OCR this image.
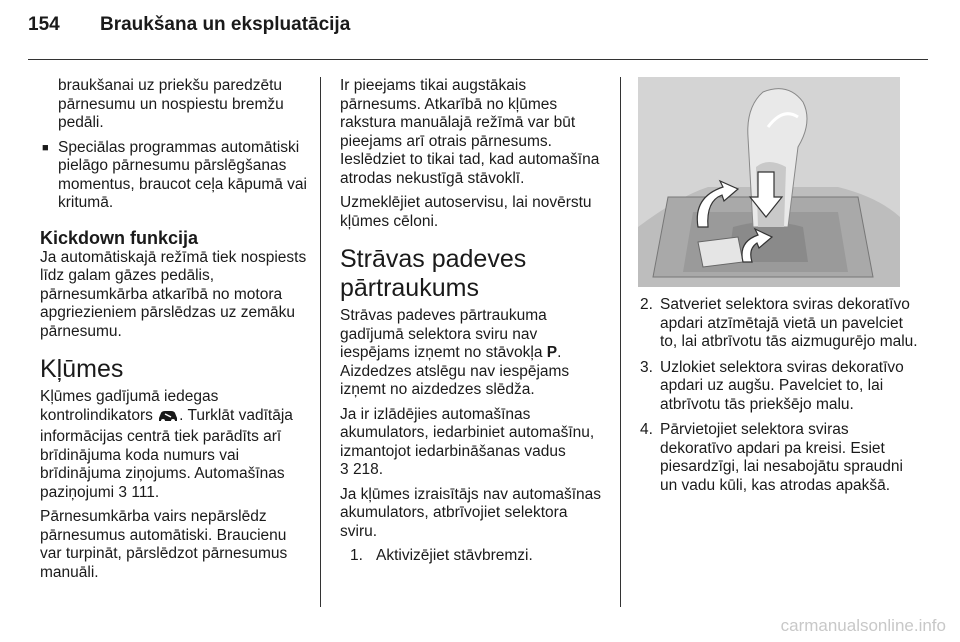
154 Braukšana un ekspluatācija

braukšanai uz priekšu paredzētu pārnesumu un nospiestu bremžu pedāli.

■ Speciālas programmas automātiski pielāgo pārnesumu pārslēgšanas momentus, braucot ceļa kāpumā vai kritumā.
Kickdown funkcija

Ja automātiskajā režīmā tiek nospiests līdz galam gāzes pedālis, pārnesumkārba atkarībā no motora apgriezieniem pārslēdzas uz zemāku pārnesumu.

Kļūmes

Kļūmes gadījumā iedegas kontrolindikators . Turklāt vadītāja informācijas centrā tiek parādīts arī brīdinājuma koda numurs vai brīdinājuma ziņojums. Automašīnas paziņojumi 3 111.

Pārnesumkārba vairs nepārslēdz pārnesumus automātiski. Braucienu var turpināt, pārslēdzot pārnesumus manuāli.

Ir pieejams tikai augstākais pārnesums. Atkarībā no kļūmes rakstura manuālajā režīmā var būt pieejams arī otrais pārnesums. Ieslēdziet to tikai tad, kad automašīna atrodas nekustīgā stāvoklī.

Uzmeklējiet autoservisu, lai novērstu kļūmes cēloni.

Strāvas padeves pārtraukums

Strāvas padeves pārtraukuma gadījumā selektora sviru nav iespējams izņemt no stāvokļa P. Aizdedzes atslēgu nav iespējams izņemt no aizdedzes slēdža.

Ja ir izlādējies automašīnas akumulators, iedarbiniet automašīnu, izmantojot iedarbināšanas vadus
3 218.

Ja kļūmes izraisītājs nav automašīnas akumulators, atbrīvojiet selektora sviru.

1. Aktivizējiet stāvbremzi.
2. Satveriet selektora sviras dekoratīvo apdari atzīmētajā vietā un pavelciet to, lai atbrīvotu tās aizmugurējo malu.
3. Uzlokiet selektora sviras dekoratīvo apdari uz augšu. Pavelciet to, lai atbrīvotu tās priekšējo malu.
4. Pārvietojiet selektora sviras dekoratīvo apdari pa kreisi. Esiet piesardzīgi, lai nesabojātu spraudni un vadu kūli, kas atrodas apakšā.
carmanualsonline.info
